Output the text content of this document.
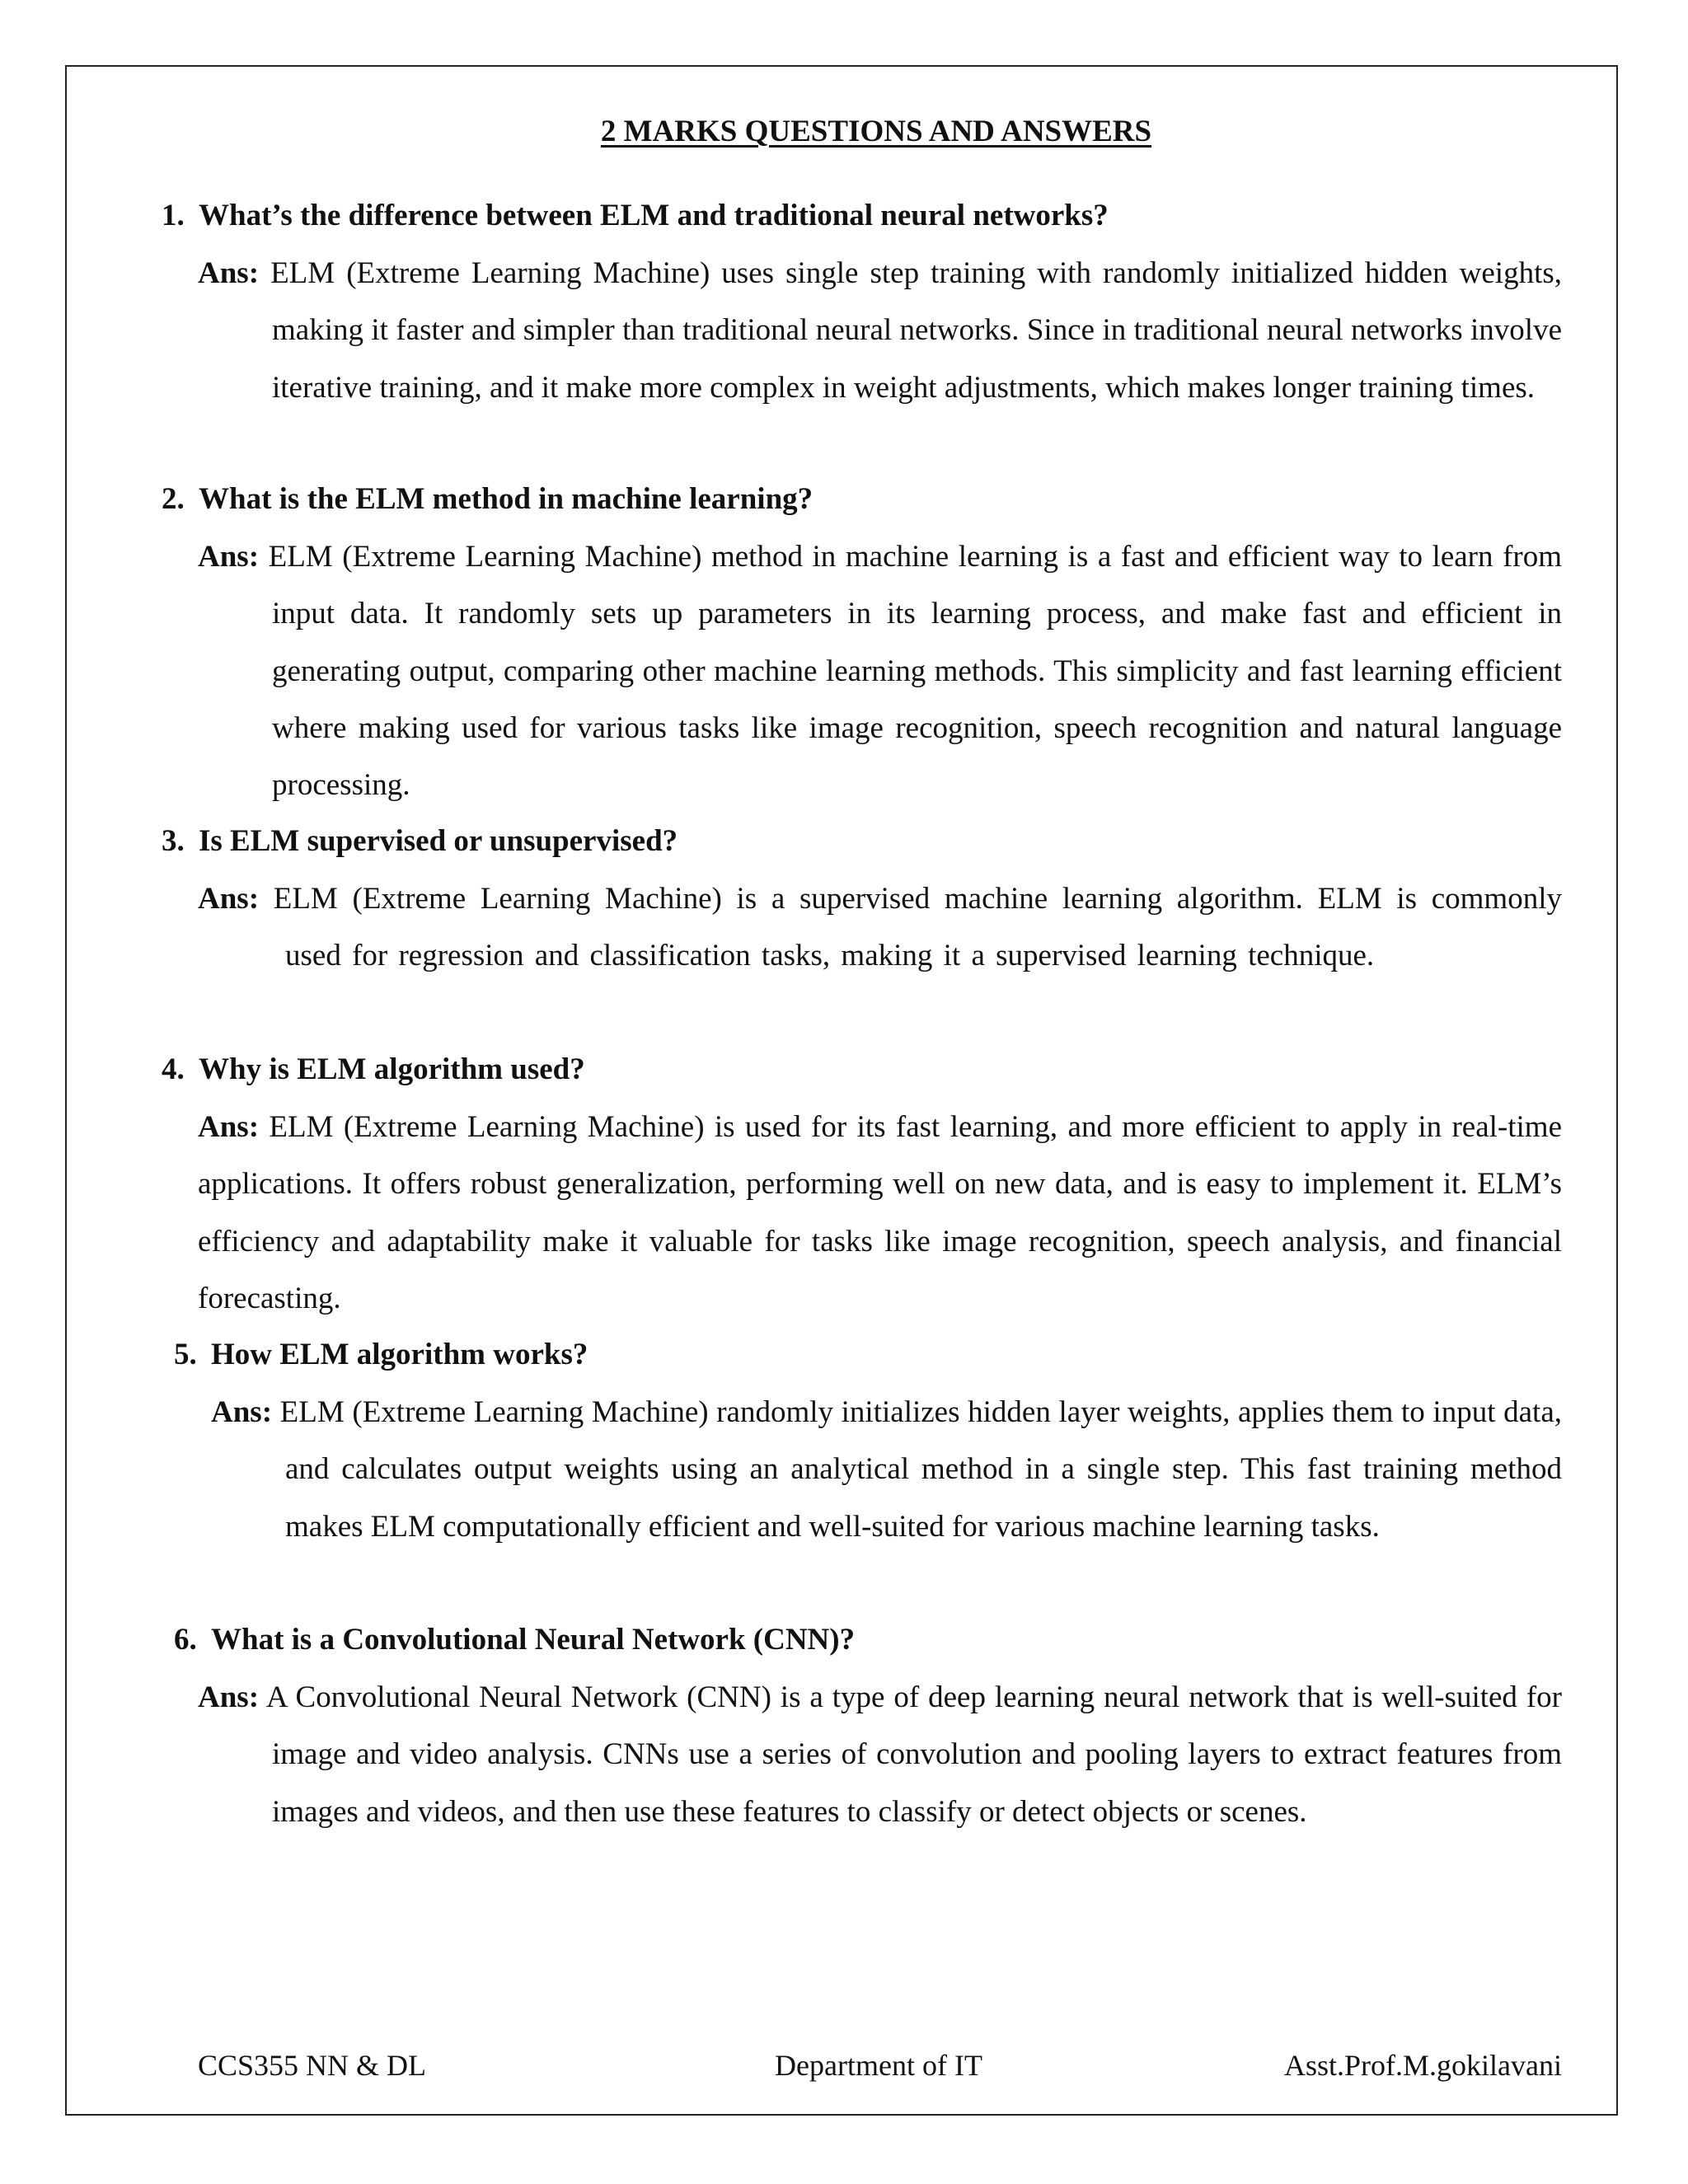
2 MARKS QUESTIONS AND ANSWERS
1. What’s the difference between ELM and traditional neural networks?

Ans: ELM (Extreme Learning Machine) uses single step training with randomly initialized hidden weights, making it faster and simpler than traditional neural networks. Since in traditional neural networks involve iterative training, and it make more complex in weight adjustments, which makes longer training times.

2. What is the ELM method in machine learning?

Ans: ELM (Extreme Learning Machine) method in machine learning is a fast and efficient way to learn from input data. It randomly sets up parameters in its learning process, and make fast and efficient in generating output, comparing other machine learning methods. This simplicity and fast learning efficient where making used for various tasks like image recognition, speech recognition and natural language processing.

3. Is ELM supervised or unsupervised?

Ans: ELM (Extreme Learning Machine) is a supervised machine learning algorithm. ELM is commonly used for regression and classification tasks, making it a supervised learning technique.

4. Why is ELM algorithm used?

Ans: ELM (Extreme Learning Machine) is used for its fast learning, and more efficient to apply in real-time applications. It offers robust generalization, performing well on new data, and is easy to implement it. ELM’s efficiency and adaptability make it valuable for tasks like image recognition, speech analysis, and financial forecasting.

5. How ELM algorithm works?

Ans: ELM (Extreme Learning Machine) randomly initializes hidden layer weights, applies them to input data, and calculates output weights using an analytical method in a single step. This fast training method makes ELM computationally efficient and well-suited for various machine learning tasks.

6. What is a Convolutional Neural Network (CNN)?

Ans: A Convolutional Neural Network (CNN) is a type of deep learning neural network that is well-suited for image and video analysis. CNNs use a series of convolution and pooling layers to extract features from images and videos, and then use these features to classify or detect objects or scenes.

CCS355 NN & DL	Department of IT	Asst.Prof.M.gokilavani
